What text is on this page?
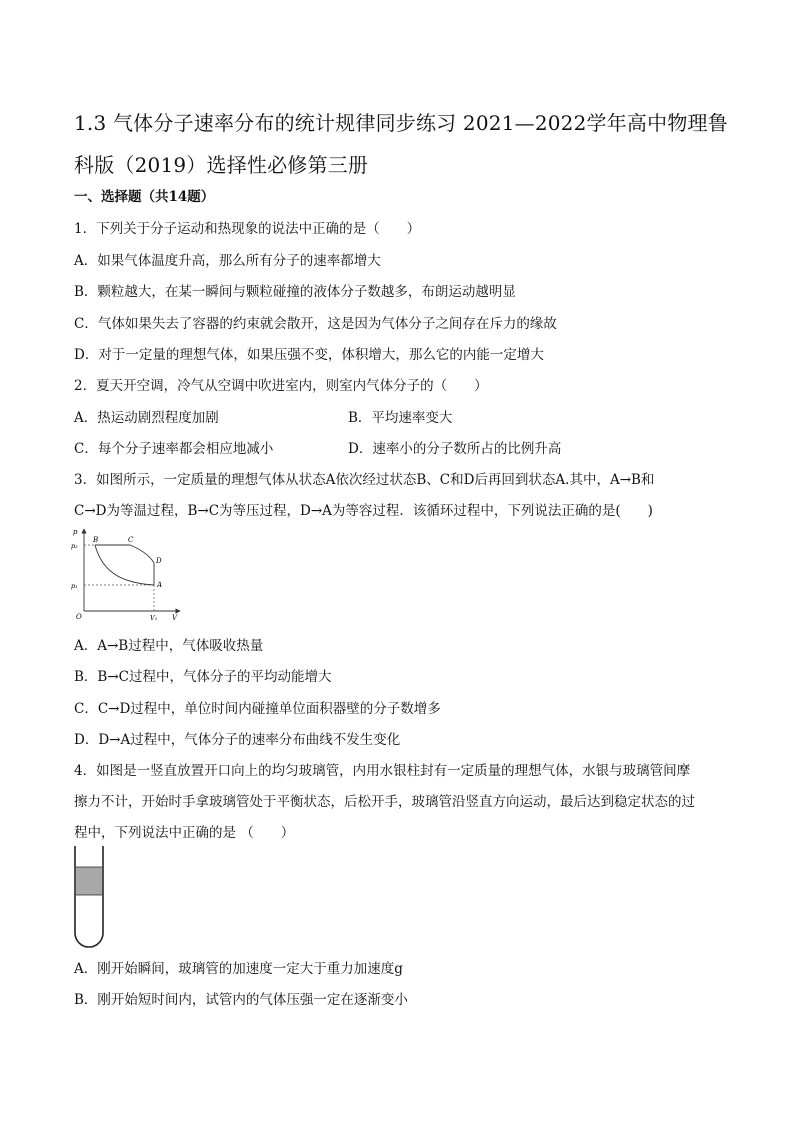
1.3 气体分子速率分布的统计规律同步练习 2021—2022学年高中物理鲁科版（2019）选择性必修第三册
一、选择题（共14题）
1．下列关于分子运动和热现象的说法中正确的是（　　）
A．如果气体温度升高，那么所有分子的速率都增大
B．颗粒越大，在某一瞬间与颗粒碰撞的液体分子数越多，布朗运动越明显
C．气体如果失去了容器的约束就会散开，这是因为气体分子之间存在斥力的缘故
D．对于一定量的理想气体，如果压强不变，体积增大，那么它的内能一定增大
2．夏天开空调，冷气从空调中吹进室内，则室内气体分子的（　　）
A．热运动剧烈程度加剧	B．平均速率变大
C．每个分子速率都会相应地减小	D．速率小的分子数所占的比例升高
3．如图所示，一定质量的理想气体从状态A依次经过状态B、C和D后再回到状态A.其中，A→B和
C→D为等温过程，B→C为等压过程，D→A为等容过程．该循环过程中，下列说法正确的是(　　)
p
p₂
p₁
O	V₁ V
A
B	C
D
A．A→B过程中，气体吸收热量
B．B→C过程中，气体分子的平均动能增大
C．C→D过程中，单位时间内碰撞单位面积器壁的分子数增多
D．D→A过程中，气体分子的速率分布曲线不发生变化
4．如图是一竖直放置开口向上的均匀玻璃管，内用水银柱封有一定质量的理想气体，水银与玻璃管间摩
擦力不计，开始时手拿玻璃管处于平衡状态，后松开手，玻璃管沿竖直方向运动，最后达到稳定状态的过
程中，下列说法中正确的是 （　　）
A．刚开始瞬间，玻璃管的加速度一定大于重力加速度g
B．刚开始短时间内，试管内的气体压强一定在逐渐变小
